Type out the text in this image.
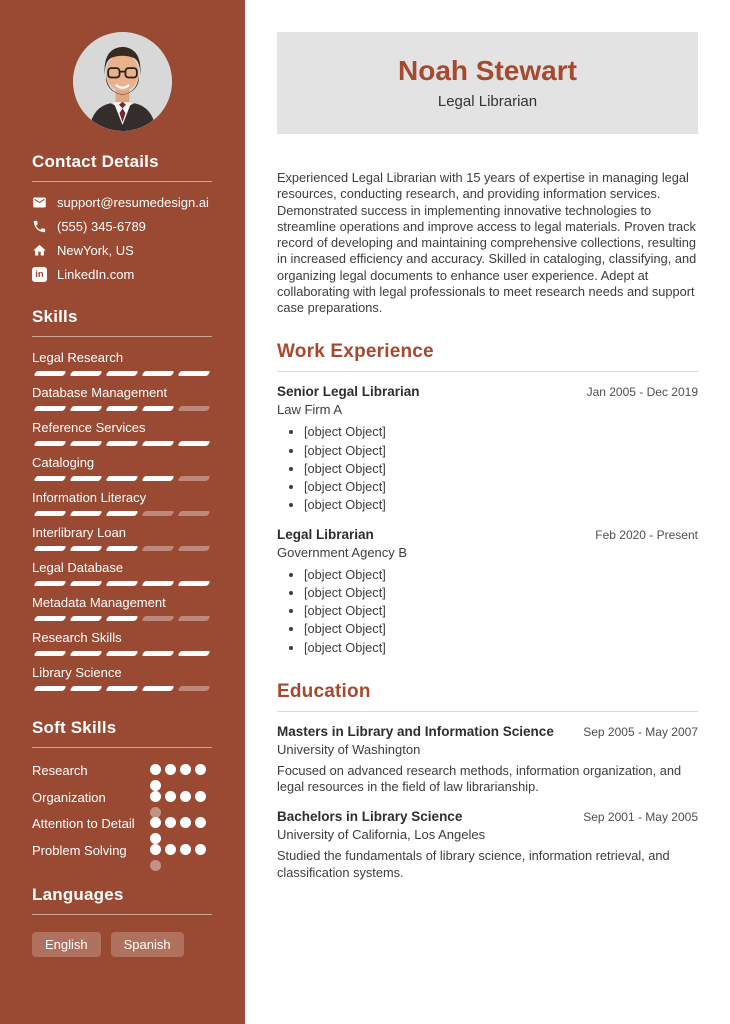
Contact Details
support@resumedesign.ai
(555) 345-6789
NewYork, US
in LinkedIn.com
Skills
Legal Research
Database Management
Reference Services
Cataloging
Information Literacy
Interlibrary Loan
Legal Database
Metadata Management
Research Skills
Library Science
Soft Skills
Research
Organization
Attention to Detail
Problem Solving
Languages
English	Spanish
Noah Stewart
Legal Librarian

Experienced Legal Librarian with 15 years of expertise in managing legal resources, conducting research, and providing information services. Demonstrated success in implementing innovative technologies to streamline operations and improve access to legal materials. Proven track record of developing and maintaining comprehensive collections, resulting in increased efficiency and accuracy. Skilled in cataloging, classifying, and organizing legal documents to enhance user experience. Adept at collaborating with legal professionals to meet research needs and support case preparations.

Work Experience
Senior Legal Librarian	Jan 2005 - Dec 2019
Law Firm A
• [object Object]
• [object Object]
• [object Object]
• [object Object]
• [object Object]
Legal Librarian	Feb 2020 - Present
Government Agency B
• [object Object]
• [object Object]
• [object Object]
• [object Object]
• [object Object]
Education
Masters in Library and Information Science Sep 2005 - May 2007
University of Washington
Focused on advanced research methods, information organization, and legal resources in the field of law librarianship.
Bachelors in Library Science	Sep 2001 - May 2005
University of California, Los Angeles
Studied the fundamentals of library science, information retrieval, and classification systems.
